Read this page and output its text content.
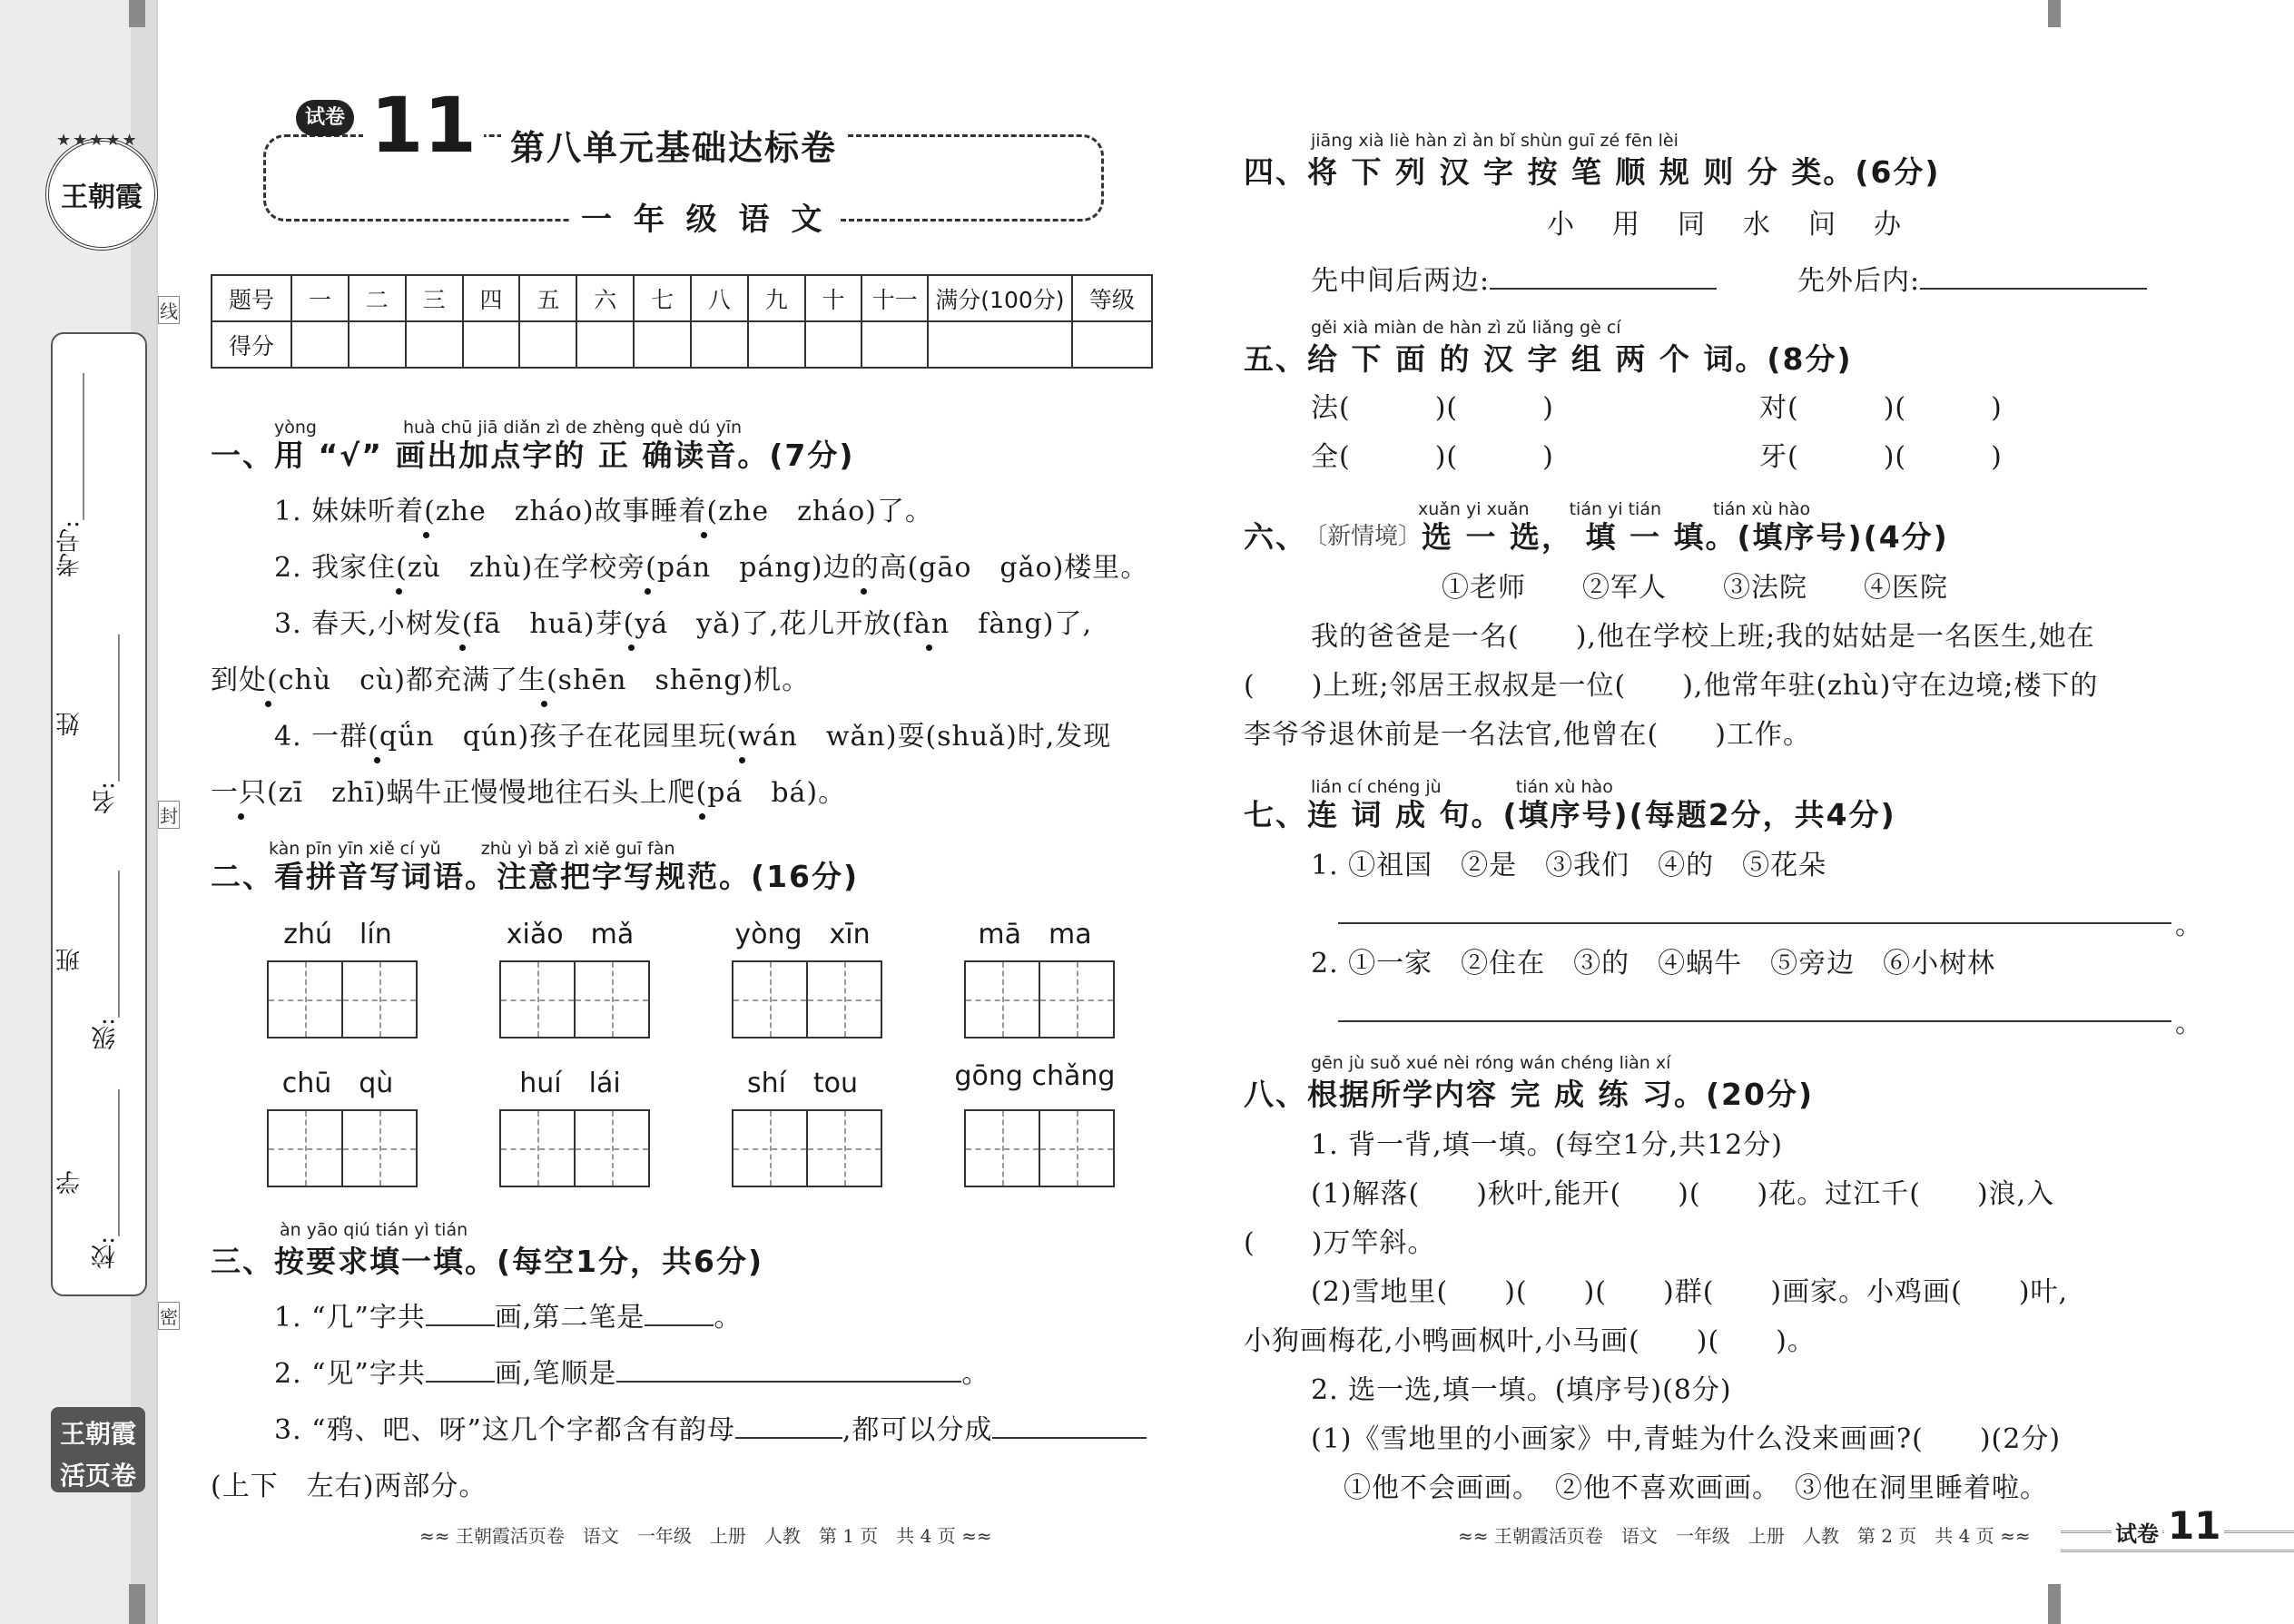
王朝霞
★★★★★
学校:____________
班级:____________
姓名:____________
考号:____________
线
封
密
王朝霞
活页卷
试卷 11 第八单元基础达标卷
一 年 级 语 文
题号	一	二	三	四	五	六	七	八	九	十	十一	满分(100分)	等级
得分													
yòng　　　　　huà chū jiā diǎn zì de zhèng què dú yīn
一、用 “√” 画出加点字的 正 确读音。(7分)
1. 妹妹听着(zhe　zháo)故事睡着(zhe　zháo)了。
2. 我家住(zù　zhù)在学校旁(pán　páng)边的高(gāo　gǎo)楼里。
3. 春天,小树发(fā　huā)芽(yá　yǎ)了,花儿开放(fàn　fàng)了,
到处(chù　cù)都充满了生(shēn　shēng)机。
4. 一群(qǘn　qún)孩子在花园里玩(wán　wǎn)耍(shuǎ)时,发现
一只(zī　zhī)蜗牛正慢慢地往石头上爬(pá　bá)。
kàn pīn yīn xiě cí yǔ　　 zhù yì bǎ zì xiě guī fàn
二、看拼音写词语。注意把字写规范。(16分)
zhú　lín	xiǎo　mǎ	yòng　xīn	mā　ma
chū　qù	huí　lái	shí　tou	gōng chǎng
àn yāo qiú tián yì tián
三、按要求填一填。(每空1分，共6分)
1. “几”字共	画,第二笔是	。
2. “见”字共	画,笔顺是	。
3. “鸦、吧、呀”这几个字都含有韵母	,都可以分成
(上下　左右)两部分。
≈≈ 王朝霞活页卷　语文　一年级　上册　人教　第 1 页　共 4 页 ≈≈
jiāng xià liè hàn zì àn bǐ shùn guī zé fēn lèi
四、将 下 列 汉 字 按 笔 顺 规 则 分 类。(6分)
小　用　同　水　问　办
先中间后两边:	先外后内:
gěi xià miàn de hàn zì zǔ liǎng gè cí
五、给 下 面 的 汉 字 组 两 个 词。(8分)
法(　　　)(　　　)	对(　　　)(　　　)
全(　　　)(　　　)	牙(　　　)(　　　)
xuǎn yi xuǎn　　 tián yi tián　　　tián xù hào
六、
〔新情境〕 选 一 选， 填 一 填。(填序号)(4分)
①老师　　②军人　　③法院　　④医院
我的爸爸是一名(　　),他在学校上班;我的姑姑是一名医生,她在
(　　)上班;邻居王叔叔是一位(　　),他常年驻(zhù)守在边境;楼下的
李爷爷退休前是一名法官,他曾在(　　)工作。
lián cí chéng jù　　　　 tián xù hào
七、连 词 成 句。(填序号)(每题2分，共4分)
1. ①祖国　②是　③我们　④的　⑤花朵
。
2. ①一家　②住在　③的　④蜗牛　⑤旁边　⑥小树林
。
gēn jù suǒ xué nèi róng wán chéng liàn xí
八、根据所学内容 完 成 练 习。(20分)
1. 背一背,填一填。(每空1分,共12分)
(1)解落(　　)秋叶,能开(　　)(　　)花。过江千(　　)浪,入
(　　)万竿斜。
(2)雪地里(　　)(　　)(　　)群(　　)画家。小鸡画(　　)叶,
小狗画梅花,小鸭画枫叶,小马画(　　)(　　)。
2. 选一选,填一填。(填序号)(8分)
(1)《雪地里的小画家》中,青蛙为什么没来画画?(　　)(2分)
①他不会画画。　②他不喜欢画画。　③他在洞里睡着啦。
≈≈ 王朝霞活页卷　语文　一年级　上册　人教　第 2 页　共 4 页 ≈≈	试卷 11
